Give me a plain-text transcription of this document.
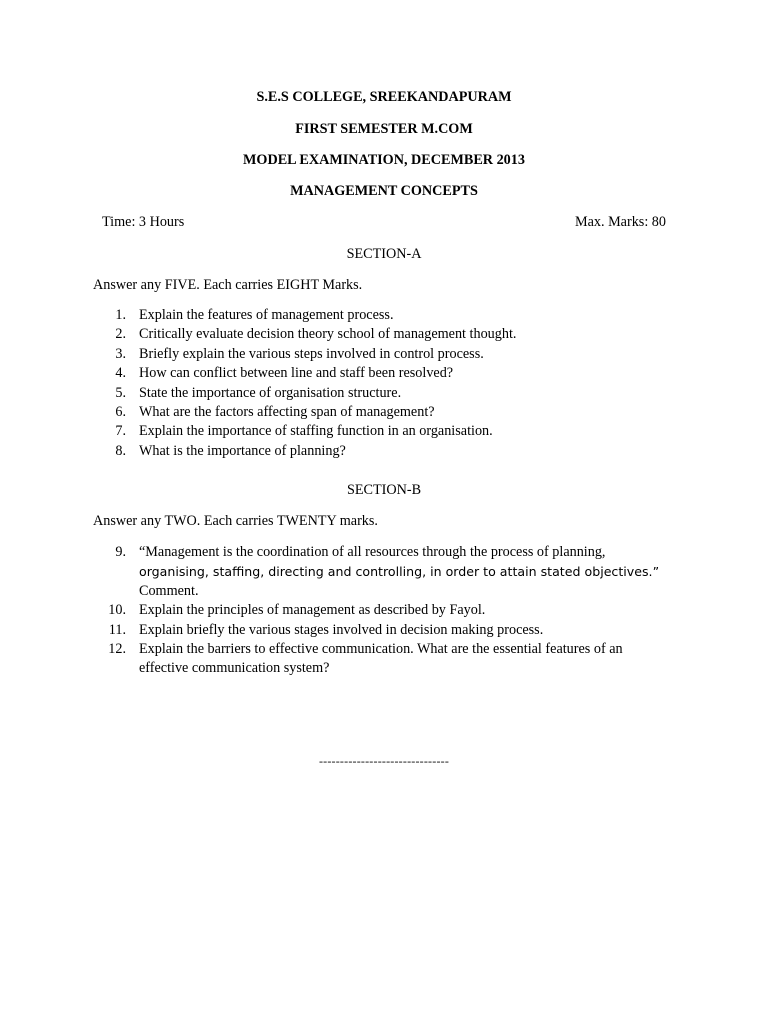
S.E.S COLLEGE, SREEKANDAPURAM
FIRST SEMESTER M.COM
MODEL EXAMINATION, DECEMBER 2013
MANAGEMENT CONCEPTS
Time: 3 Hours	Max. Marks: 80
SECTION-A
Answer any FIVE. Each carries EIGHT Marks.
1. Explain the features of management process.
2. Critically evaluate decision theory school of management thought.
3. Briefly explain the various steps involved in control process.
4. How can conflict between line and staff been resolved?
5. State the importance of organisation structure.
6. What are the factors affecting span of management?
7. Explain the importance of staffing function in an organisation.
8. What is the importance of planning?
SECTION-B
Answer any TWO. Each carries TWENTY marks.
9. “Management is the coordination of all resources through the process of planning,
organising, staffing, directing and controlling, in order to attain stated objectives.”
Comment.
10. Explain the principles of management as described by Fayol.
11. Explain briefly the various stages involved in decision making process.
12. Explain the barriers to effective communication. What are the essential features of an
effective communication system?
-------------------------------
